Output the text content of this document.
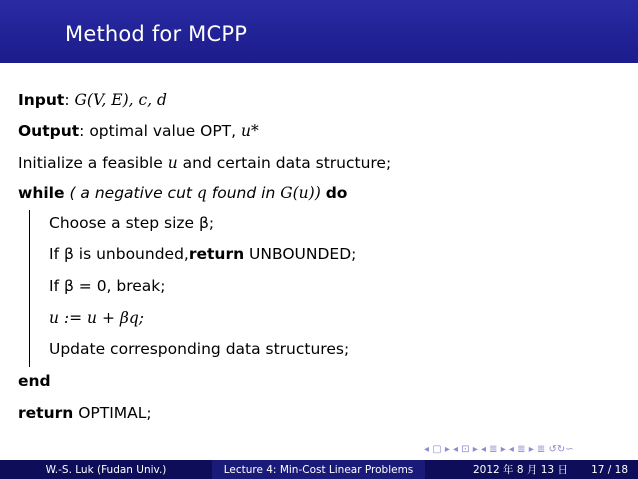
Method for MCPP
Input: G(V, E), c, d
Output: optimal value OPT, u*
Initialize a feasible u and certain data structure;
while ( a negative cut q found in G(u)) do
Choose a step size β;
If β is unbounded,return UNBOUNDED;
If β = 0, break;
u := u + βq;
Update corresponding data structures;
end
return OPTIMAL;
◂ ▢ ▸ ◂ ⊡ ▸ ◂ ≣ ▸ ◂ ≣ ▸ ≣ ↺↻∽
W.-S. Luk (Fudan Univ.)	Lecture 4: Min-Cost Linear Problems	2012 年 8 月 13 日 17 / 18
